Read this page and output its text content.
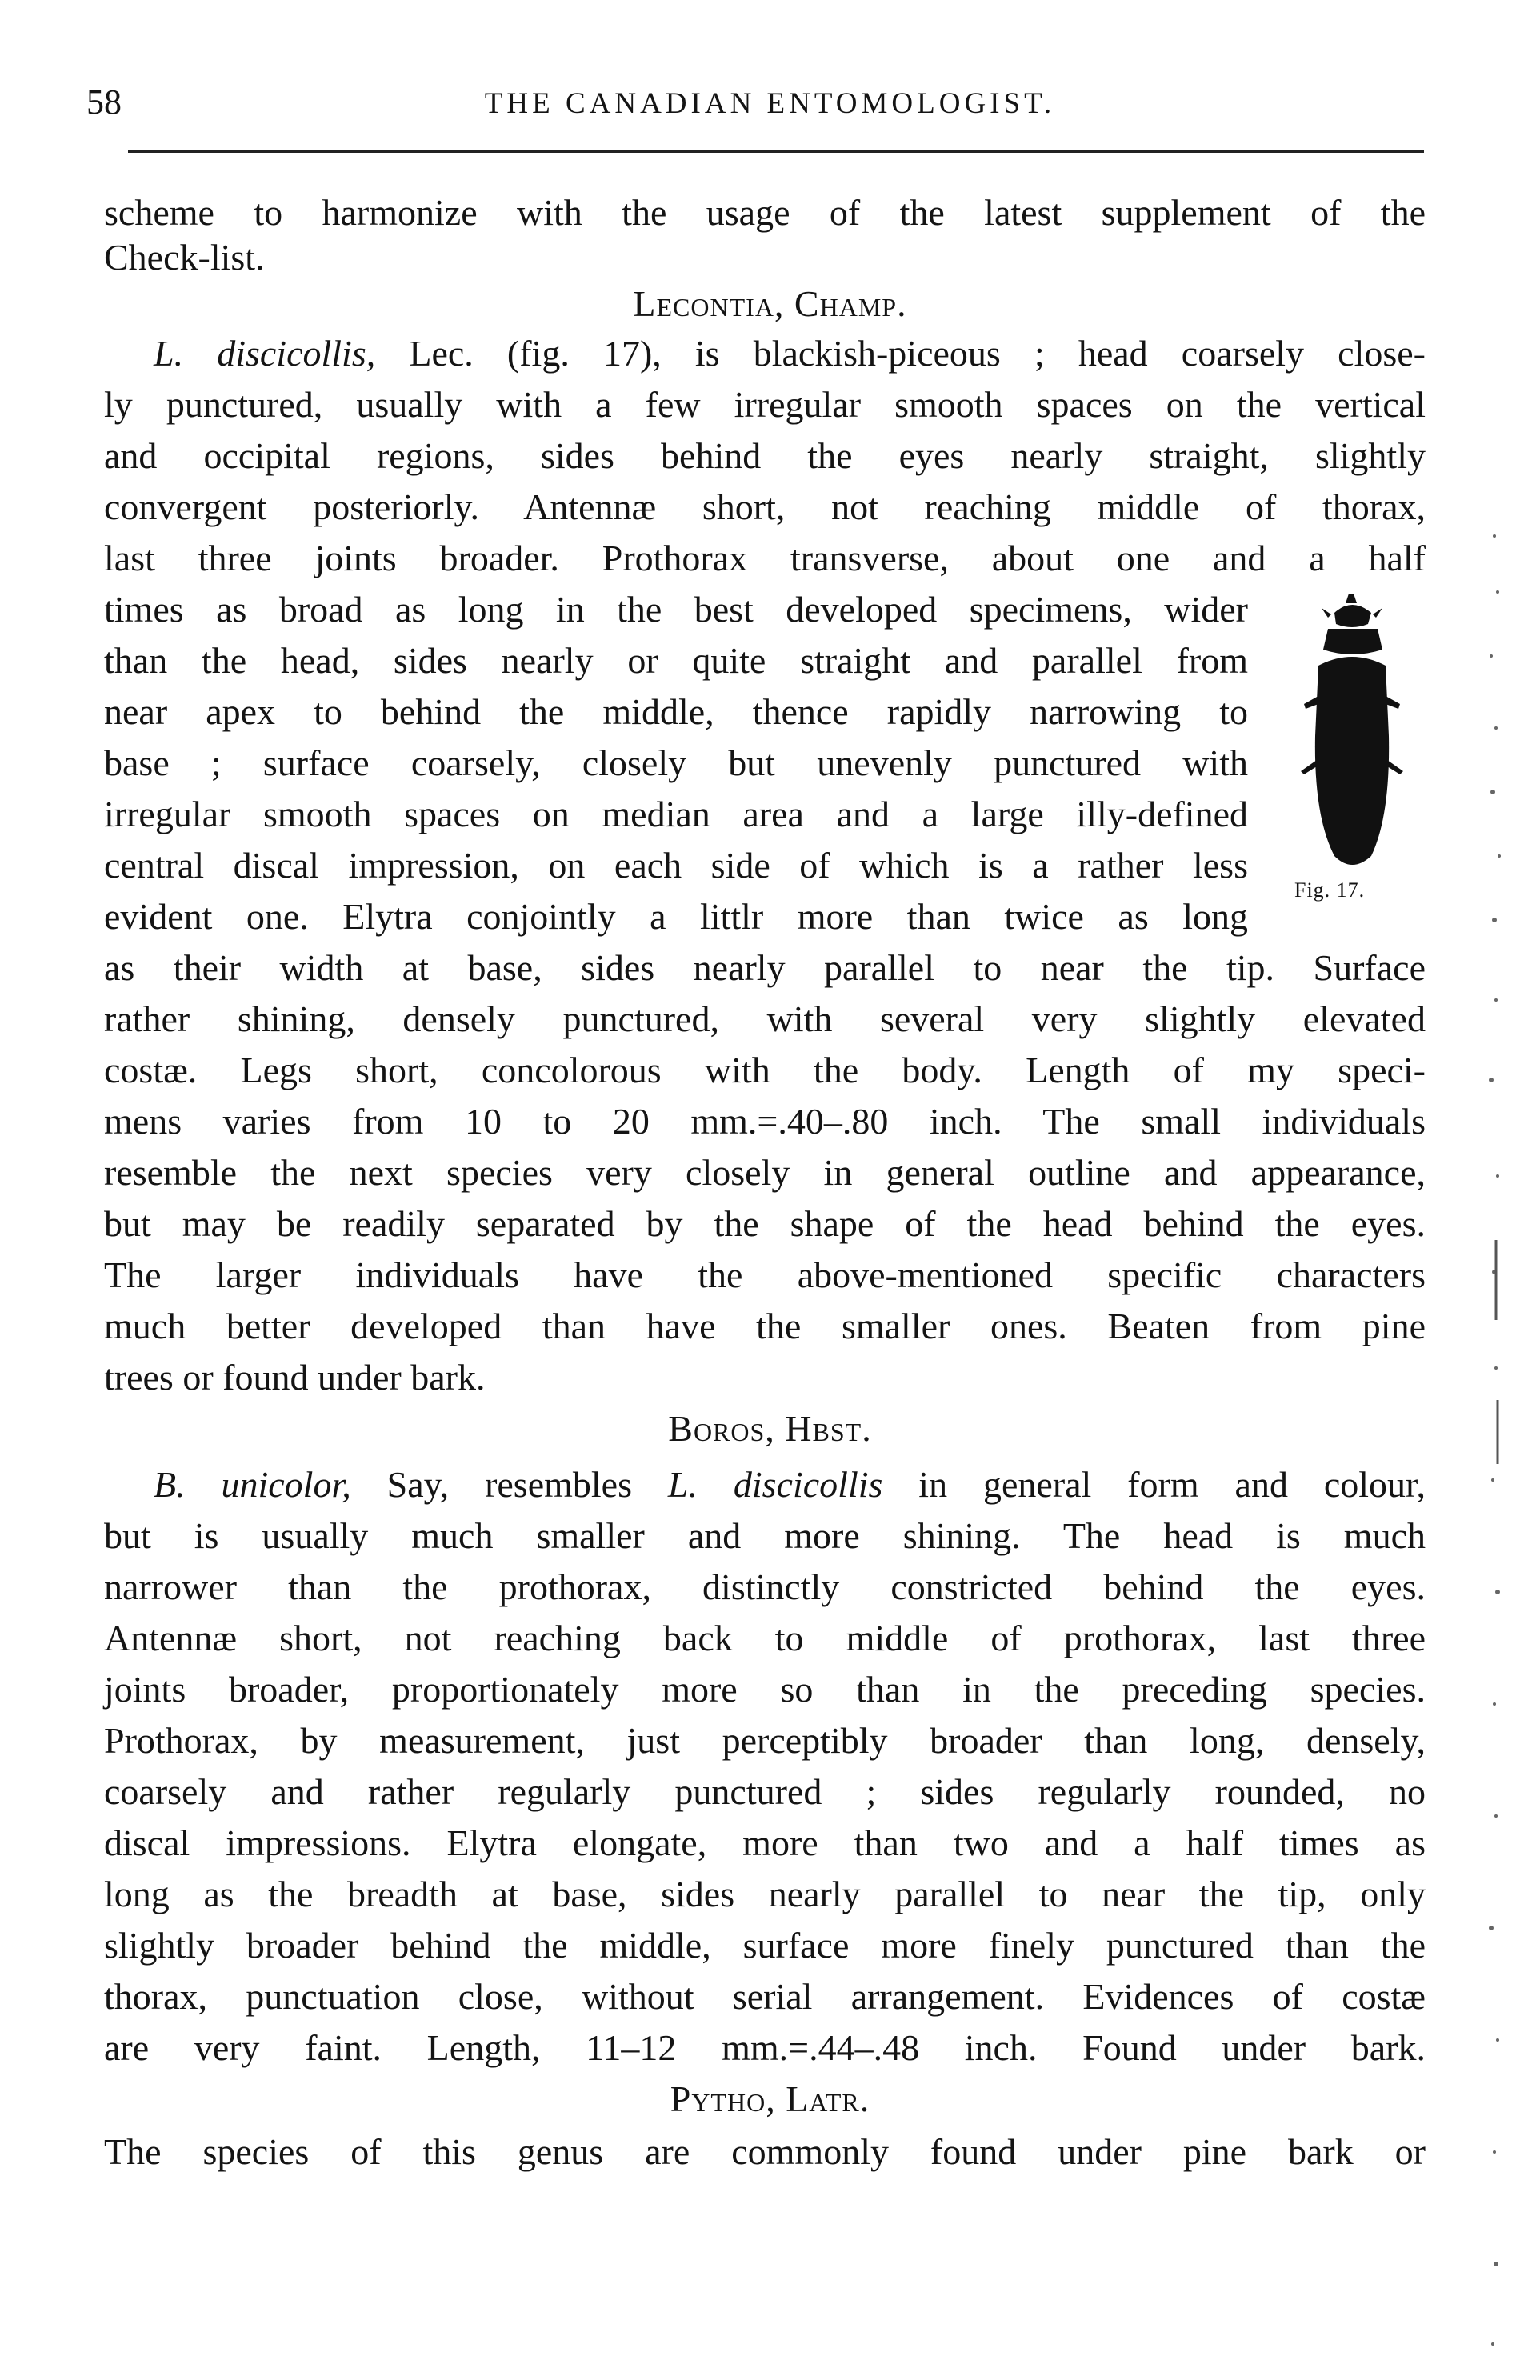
58	THE CANADIAN ENTOMOLOGIST.
scheme to harmonize with the usage of the latest supplement of the
Check-list.
Lecontia, Champ.
L. discicollis, Lec. (fig. 17), is blackish-piceous ; head coarsely close-
ly punctured, usually with a few irregular smooth spaces on the vertical
and occipital regions, sides behind the eyes nearly straight, slightly
convergent posteriorly. Antennæ short, not reaching middle of thorax,
last three joints broader. Prothorax transverse, about one and a half
times as broad as long in the best developed specimens, wider
than the head, sides nearly or quite straight and parallel from
near apex to behind the middle, thence rapidly narrowing to
base ; surface coarsely, closely but unevenly punctured with
irregular smooth spaces on median area and a large illy-defined
central discal impression, on each side of which is a rather less
evident one. Elytra conjointly a littlr more than twice as long
Fig. 17.
as their width at base, sides nearly parallel to near the tip. Surface
rather shining, densely punctured, with several very slightly elevated
costæ. Legs short, concolorous with the body. Length of my speci-
mens varies from 10 to 20 mm.=.40–.80 inch. The small individuals
resemble the next species very closely in general outline and appearance,
but may be readily separated by the shape of the head behind the eyes.
The larger individuals have the above-mentioned specific characters
much better developed than have the smaller ones. Beaten from pine
trees or found under bark.
Boros, Hbst.
B. unicolor, Say, resembles L. discicollis in general form and colour,
but is usually much smaller and more shining. The head is much
narrower than the prothorax, distinctly constricted behind the eyes.
Antennæ short, not reaching back to middle of prothorax, last three
joints broader, proportionately more so than in the preceding species.
Prothorax, by measurement, just perceptibly broader than long, densely,
coarsely and rather regularly punctured ; sides regularly rounded, no
discal impressions. Elytra elongate, more than two and a half times as
long as the breadth at base, sides nearly parallel to near the tip, only
slightly broader behind the middle, surface more finely punctured than the
thorax, punctuation close, without serial arrangement. Evidences of costæ
are very faint. Length, 11–12 mm.=.44–.48 inch. Found under bark.
Pytho, Latr.
The species of this genus are commonly found under pine bark or
